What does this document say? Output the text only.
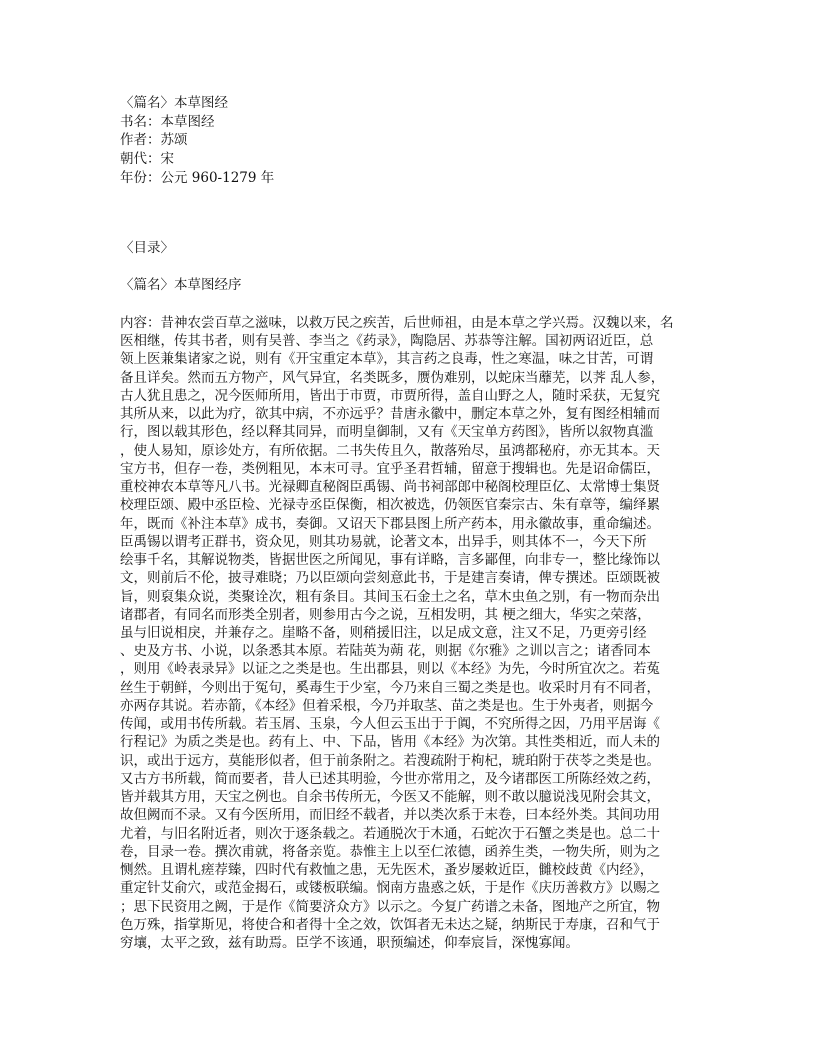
〈篇名〉本草图经
书名：本草图经
作者：苏颂
朝代：宋
年份：公元 960-1279 年
〈目录〉
〈篇名〉本草图经序
内容：昔神农尝百草之滋味，以救万民之疾苦，后世师祖，由是本草之学兴焉。汉魏以来，名
医相继，传其书者，则有吴普、李当之《药录》，陶隐居、苏恭等注解。国初两诏近臣，总
领上医兼集诸家之说，则有《开宝重定本草》，其言药之良毒，性之寒温，味之甘苦，可谓
备且详矣。然而五方物产，风气异宜，名类既多，赝伪难别，以蛇床当蘼芜，以荠 乱人参，
古人犹且患之，况今医师所用，皆出于市贾，市贾所得，盖自山野之人，随时采获，无复究
其所从来，以此为疗，欲其中病，不亦远乎？昔唐永徽中，删定本草之外，复有图经相辅而
行，图以载其形色，经以释其同异，而明皇御制，又有《天宝单方药图》，皆所以叙物真滥
，使人易知，原诊处方，有所依据。二书失传且久，散落殆尽，虽鸿都秘府，亦无其本。天
宝方书，但存一卷，类例粗见，本末可寻。宜乎圣君哲辅，留意于搜辑也。先是诏命儒臣，
重校神农本草等凡八书。光禄卿直秘阁臣禹锡、尚书祠部郎中秘阁校理臣亿、太常博士集贤
校理臣颂、殿中丞臣检、光禄寺丞臣保衡，相次被选，仍领医官秦宗古、朱有章等，编绎累
年，既而《补注本草》成书，奏御。又诏天下郡县图上所产药本，用永徽故事，重命编述。
臣禹锡以谓考正群书，资众见，则其功易就，论著文本，出异手，则其体不一，今天下所
绘事千名，其解说物类，皆据世医之所闻见，事有详略，言多鄙俚，向非专一，整比缘饰以
文，则前后不伦，披寻难晓；乃以臣颂向尝刻意此书，于是建言奏请，俾专撰述。臣颂既被
旨，则裒集众说，类聚诠次，粗有条目。其间玉石金土之名，草木虫鱼之别，有一物而杂出
诸郡者，有同名而形类全别者，则参用古今之说，互相发明，其 梗之细大，华实之荣落，
虽与旧说相戾，并兼存之。崖略不备，则稍援旧注，以足成文意，注又不足，乃更旁引经
、史及方书、小说，以条悉其本原。若陆英为蒴 花，则据《尔雅》之训以言之；诸香同本
，则用《岭表录异》以证之之类是也。生出郡县，则以《本经》为先，今时所宜次之。若菟
丝生于朝鲜，今则出于冤句，奚毒生于少室，今乃来自三蜀之类是也。收采时月有不同者，
亦两存其说。若赤箭，《本经》但着采根，今乃并取茎、苗之类是也。生于外夷者，则据今
传闻，或用书传所载。若玉屑、玉泉，今人但云玉出于于阗，不究所得之因，乃用平居诲《
行程记》为质之类是也。药有上、中、下品，皆用《本经》为次第。其性类相近，而人未的
识，或出于远方，莫能形似者，但于前条附之。若溲疏附于枸杞，琥珀附于茯苓之类是也。
又古方书所载，简而要者，昔人已述其明验，今世亦常用之，及今诸郡医工所陈经效之药，
皆并载其方用，天宝之例也。自余书传所无，今医又不能解，则不敢以臆说浅见附会其文，
故但阙而不录。又有今医所用，而旧经不载者，并以类次系于末卷，曰本经外类。其间功用
尤着，与旧名附近者，则次于逐条载之。若通脱次于木通，石蛇次于石蟹之类是也。总二十
卷，目录一卷。撰次甫就，将备亲览。恭惟主上以至仁浓德，函养生类，一物失所，则为之
恻然。且谓札瘥荐臻，四时代有救恤之患，无先医术，蚤岁屡敕近臣，雠校歧黄《内经》，
重定针艾俞穴，或范金揭石，或镂板联编。悯南方蛊惑之妖，于是作《庆历善救方》以赐之
；思下民资用之阙，于是作《简要济众方》以示之。今复广药谱之未备，图地产之所宜，物
色万殊，指掌斯见，将使合和者得十全之效，饮饵者无未达之疑，纳斯民于寿康，召和气于
穷壤，太平之致，兹有助焉。臣学不该通，职预编述，仰奉宸旨，深愧寡闻。
